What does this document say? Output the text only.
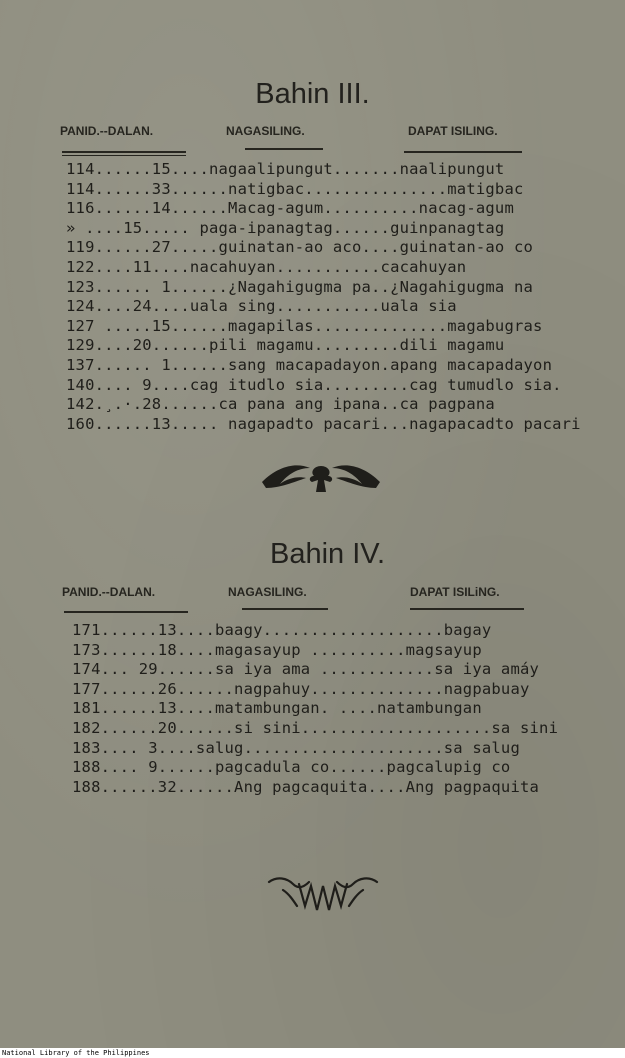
Bahin III.
PANID.--DALAN.	NAGASILING.	DAPAT ISILING.
114......15....nagaalipungut.......naalipungut
114......33......natigbac...............matigbac
116......14......Macag-agum..........nacag-agum
» ....15..... paga-ipanagtag......guinpanagtag
119......27.....guinatan-ao aco....guinatan-ao co
122....11....nacahuyan...........cacahuyan
123...... 1......¿Nagahigugma pa..¿Nagahigugma na
124....24....uala sing...........uala sia
127 .....15......magapilas..............magabugras
129....20......pili magamu.........dili magamu
137...... 1......sang macapadayon.apang macapadayon
140.... 9....cag itudlo sia.........cag tumudlo sia.
142.¸.·.28......ca pana ang ipana..ca pagpana
160......13..... nagapadto pacari...nagapacadto pacari
Bahin IV.
PANID.--DALAN.	NAGASILING.	DAPAT ISILiNG.
171......13....baagy...................bagay
173......18....magasayup ..........magsayup
174... 29......sa iya ama ............sa iya amáy
177......26......nagpahuy..............nagpabuay
181......13....matambungan. ....natambungan
182......20......si sini....................sa sini
183.... 3....salug.....................sa salug
188.... 9......pagcadula co......pagcalupig co
188......32......Ang pagcaquita....Ang pagpaquita
National Library of the Philippines
